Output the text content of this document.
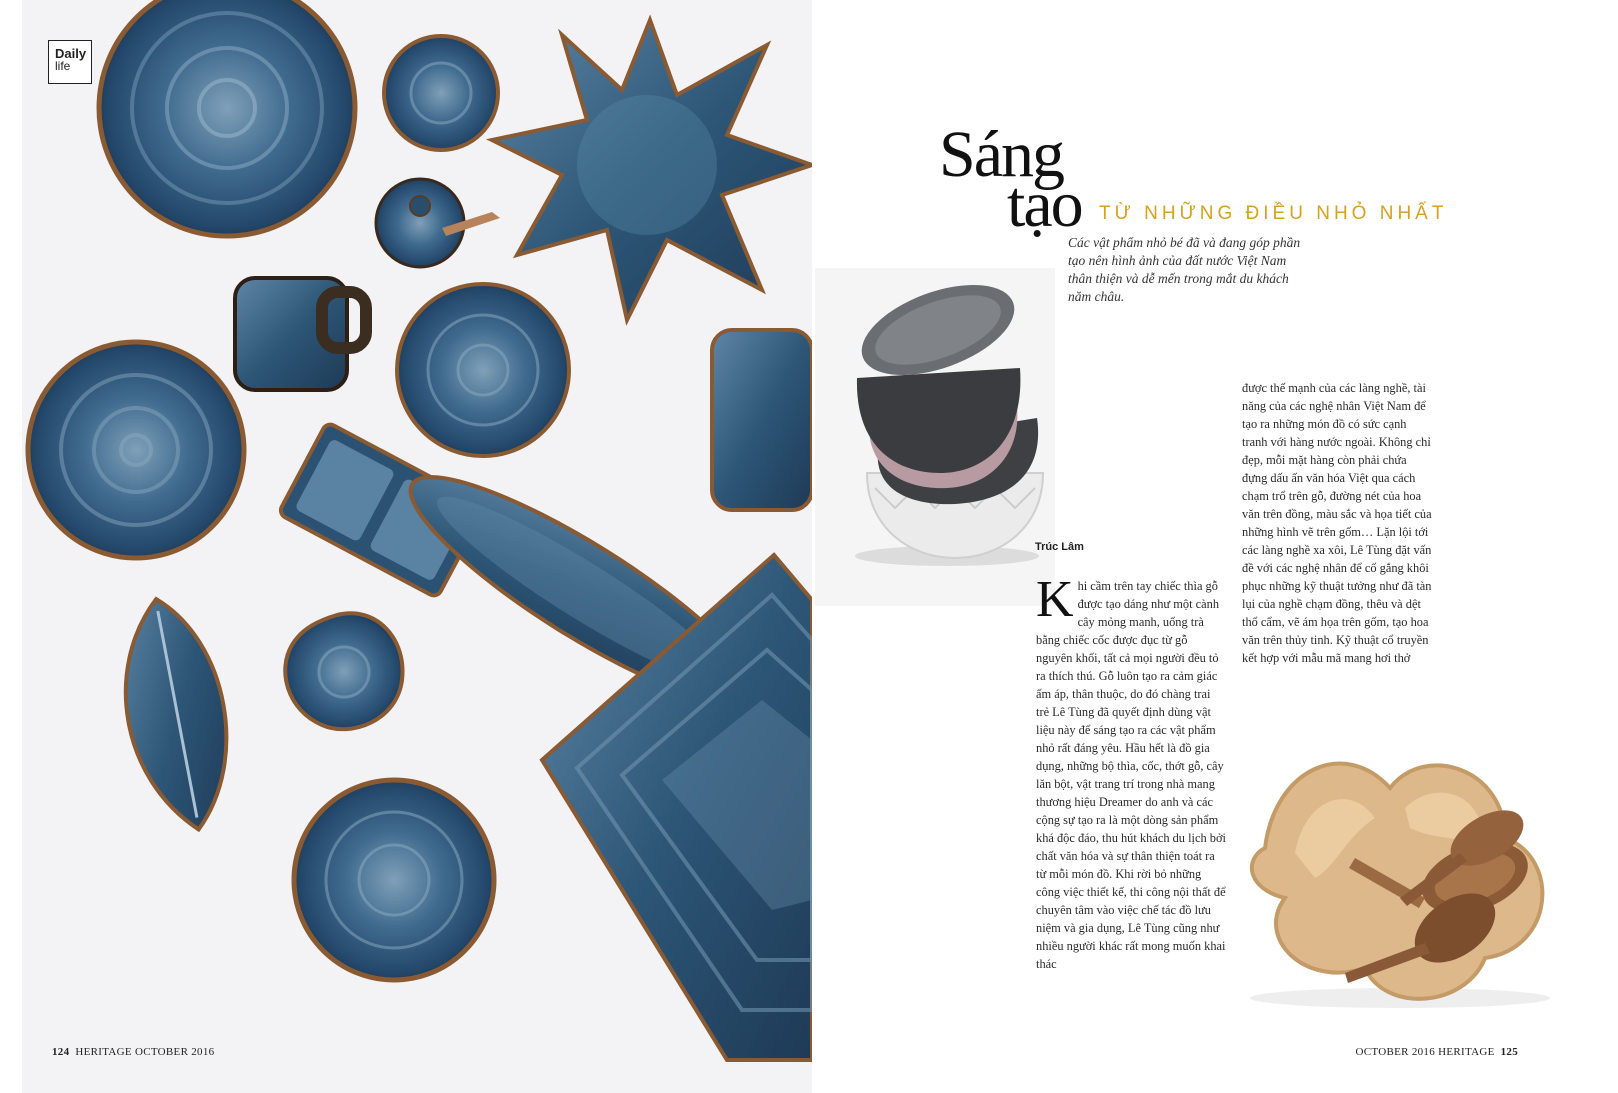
Daily
life
124 HERITAGE OCTOBER 2016
Sáng
tạo TỪ NHỮNG ĐIỀU NHỎ NHẤT
Các vật phẩm nhỏ bé đã và đang góp phần tạo nên hình ảnh của đất nước Việt Nam thân thiện và dễ mến trong mắt du khách năm châu.
Trúc Lâm

Khi cầm trên tay chiếc thìa gỗ được tạo dáng như một cành cây mỏng manh, uống trà bằng chiếc cốc được đục từ gỗ nguyên khối, tất cả mọi người đều tỏ ra thích thú. Gỗ luôn tạo ra cảm giác ấm áp, thân thuộc, do đó chàng trai trẻ Lê Tùng đã quyết định dùng vật liệu này để sáng tạo ra các vật phẩm nhỏ rất đáng yêu. Hầu hết là đồ gia dụng, những bộ thìa, cốc, thớt gỗ, cây lăn bột, vật trang trí trong nhà mang thương hiệu Dreamer do anh và các cộng sự tạo ra là một dòng sản phẩm khá độc đáo, thu hút khách du lịch bởi chất văn hóa và sự thân thiện toát ra từ mỗi món đồ. Khi rời bỏ những công việc thiết kế, thi công nội thất để chuyên tâm vào việc chế tác đồ lưu niệm và gia dụng, Lê Tùng cũng như nhiều người khác rất mong muốn khai thác

được thế mạnh của các làng nghề, tài năng của các nghệ nhân Việt Nam để tạo ra những món đồ có sức cạnh tranh với hàng nước ngoài. Không chỉ đẹp, mỗi mặt hàng còn phải chứa đựng dấu ấn văn hóa Việt qua cách chạm trổ trên gỗ, đường nét của hoa văn trên đồng, màu sắc và họa tiết của những hình vẽ trên gốm… Lặn lội tới các làng nghề xa xôi, Lê Tùng đặt vấn đề với các nghệ nhân để cố gắng khôi phục những kỹ thuật tưởng như đã tàn lụi của nghề chạm đồng, thêu và dệt thổ cẩm, vẽ ám họa trên gốm, tạo hoa văn trên thủy tinh. Kỹ thuật cổ truyền kết hợp với mẫu mã mang hơi thở
OCTOBER 2016 HERITAGE 125
